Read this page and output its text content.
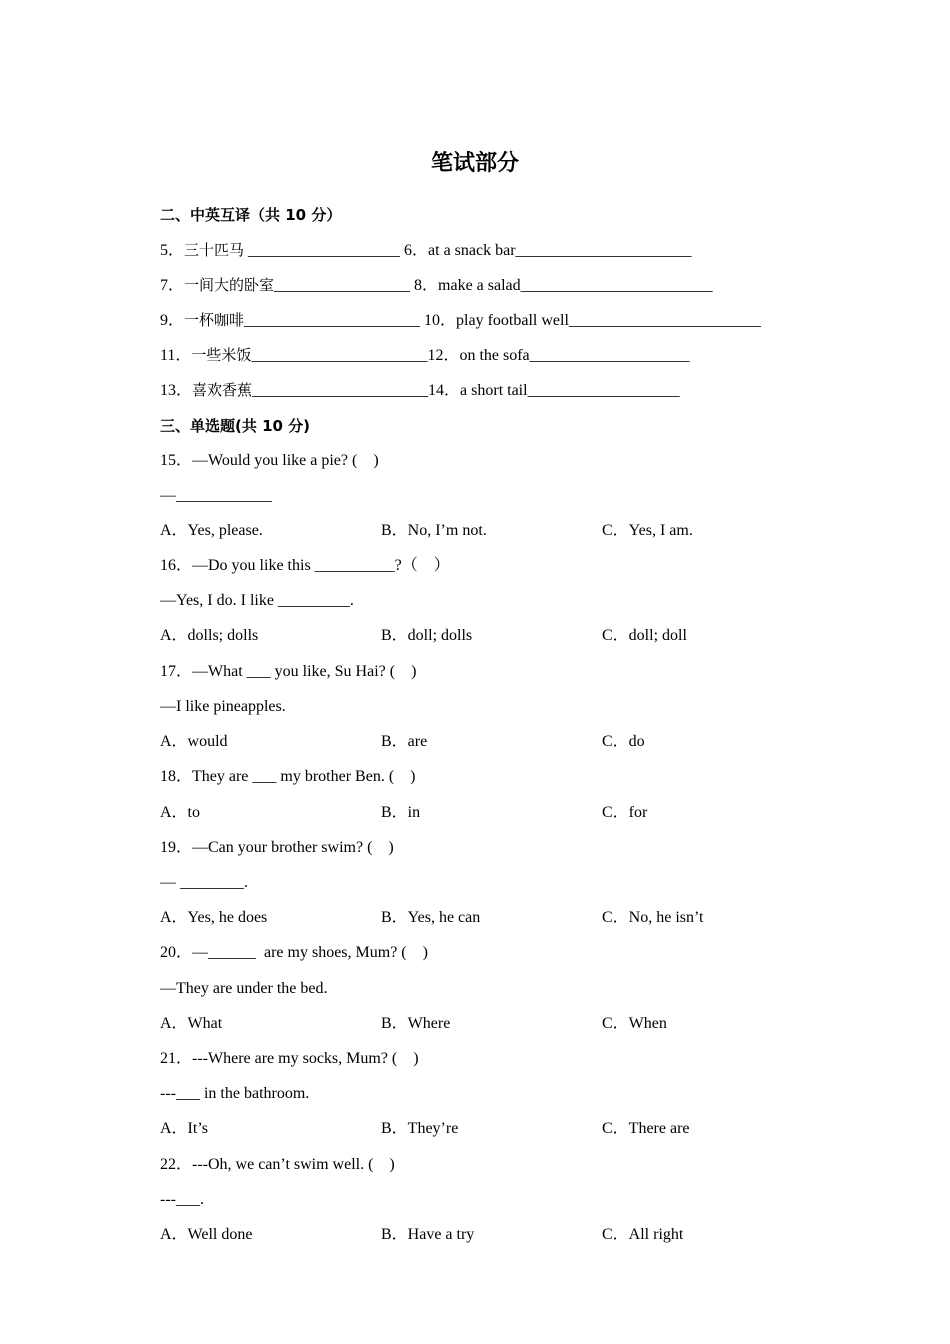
笔试部分
二、中英互译（共 10 分）
5．三十匹马 ___________________ 6．at a snack bar______________________
7．一间大的卧室_________________ 8．make a salad________________________
9．一杯咖啡______________________ 10．play football well________________________
11．一些米饭______________________12．on the sofa____________________
13．喜欢香蕉______________________14．a short tail___________________
三、单选题(共 10 分)
15．—Would you like a pie? (    )
—____________
A．Yes, please.	B．No, I’m not.	C．Yes, I am.
16．—Do you like this __________?（    ）
—Yes, I do. I like _________.
A．dolls; dolls	B．doll; dolls	C．doll; doll
17．—What ___ you like, Su Hai? (    )
—I like pineapples.
A．would	B．are	C．do
18．They are ___ my brother Ben. (    )
A．to	B．in	C．for
19．—Can your brother swim? (    )
— ________.
A．Yes, he does	B．Yes, he can	C．No, he isn’t
20．—______  are my shoes, Mum? (    )
—They are under the bed.
A．What	B．Where	C．When
21．---Where are my socks, Mum? (    )
---___ in the bathroom.
A．It’s	B．They’re	C．There are
22．---Oh, we can’t swim well. (    )
---___.
A．Well done	B．Have a try	C．All right
